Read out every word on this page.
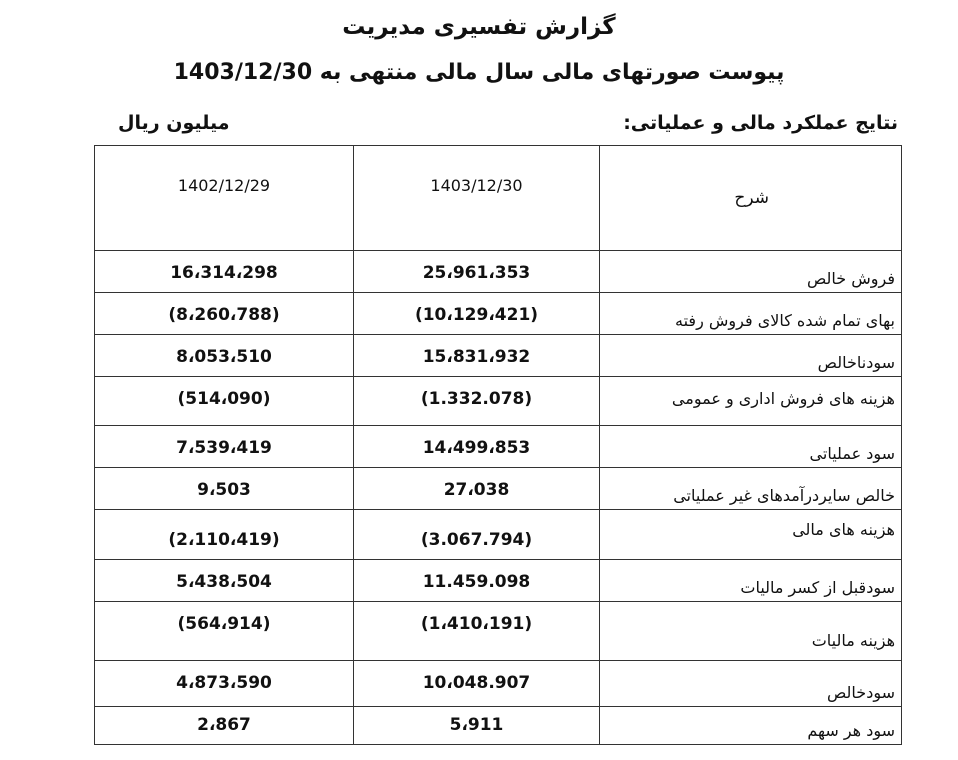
گزارش تفسیری مدیریت
پیوست صورتهای مالی سال مالی منتهی به 1403/12/30
نتایج عملکرد مالی و عملیاتی:
میلیون ریال
1402/12/29	1403/12/30	شرح
16،314،298	25،961،353	فروش خالص
(8،260،788)	(10،129،421)	بهای تمام شده کالای فروش رفته
8،053،510	15،831،932	سودناخالص
(514،090)	(1.332.078)	هزینه های فروش اداری و عمومی
7،539،419	14،499،853	سود عملیاتی
9،503	27،038	خالص سایردرآمدهای غیر عملیاتی
(2،110،419)	(3.067.794)	هزینه های مالی
5،438،504	11.459.098	سودقبل از کسر مالیات
(564،914)	(1،410،191)	هزینه مالیات
4،873،590	10،048.907	سودخالص
2،867	5،911	سود هر سهم
